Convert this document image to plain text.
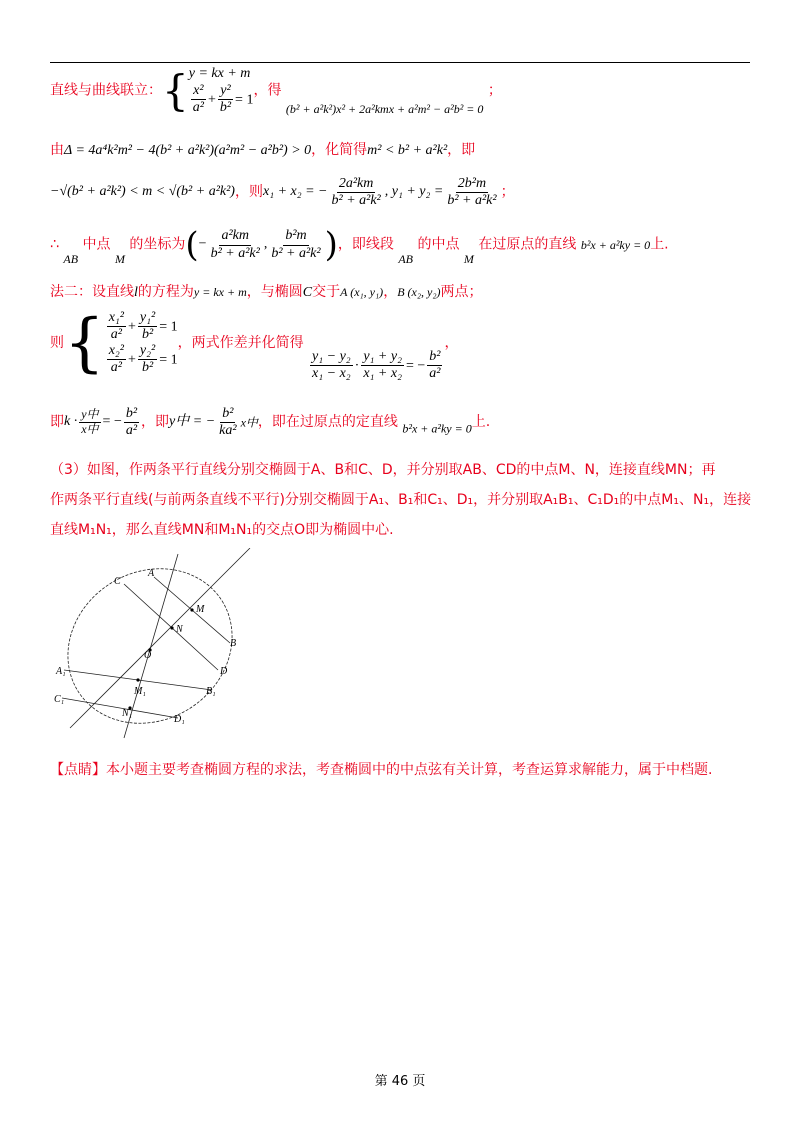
直线与曲线联立：{ y = kx + m
$\frac{\text{x²}}{\text{a²}} + \frac{\text{y²}}{\text{b²}} = 1$
，得 (b² + a²k²)x² + 2a²kmx + a²m² − a²b² = 0 ；
由Δ = 4a⁴k²m² − 4(b² + a²k²)(a²m² − a²b²) > 0，化简得m² < b² + a²k²，即
−√(b² + a²k²) < m < √(b² + a²k²)，则x₁ + x₂ = − $\frac{\text{2a²km}}{\text{b² + a²k²}}$ , $y_1 + y_2 = \frac{\text{2b²m}}{\text{b² + a²k²}}$ ；
∴ AB 中点 M 的坐标为(− $\frac{\text{a²km}}{\text{b² + a²k²}}$ , $\frac{\text{b²m}}{\text{b² + a²k²}}$ )，即线段 AB 的中点 M 在过原点的直线 b²x + a²ky = 0上.
法二：设直线l的方程为y = kx + m，与椭圆C交于A (x₁, y₁)，B (x₂, y₂)两点；
则{ $\frac{\text{x₁²}}{\text{a²}} + \frac{\text{y₁²}}{\text{b²}} = 1$
$\frac{\text{x₂²}}{\text{a²}} + \frac{\text{y₂²}}{\text{b²}} = 1$
，两式作差并化简得
$\frac{\text{y₁ − y₂}}{\text{x₁ − x₂}} \cdot \frac{\text{y₁ + y₂}}{\text{x₁ + x₂}}$ = − $\frac{\text{b²}}{\text{a²}}$
，
即$k \cdot \frac{\text{y中}}{\text{x中}}$ = − $\frac{\text{b²}}{\text{a²}}$ ，即y中 = − $\frac{\text{b²}}{\text{ka²}}$ x中，即在过原点的定直线 b²x + a²ky = 0上.
（3）如图，作两条平行直线分别交椭圆于A、B和C、D，并分别取AB、CD的中点M、N，连接直线MN；再
作两条平行直线(与前两条直线不平行)分别交椭圆于A₁、B₁和C₁、D₁，并分别取A₁B₁、C₁D₁的中点M₁、N₁，连接
直线M₁N₁，那么直线MN和M₁N₁的交点O即为椭圆中心.
C
A
M
N
B
O
D
A₁
M₁	B₁
C₁
N₁
D₁
【点睛】本小题主要考查椭圆方程的求法，考查椭圆中的中点弦有关计算，考查运算求解能力，属于中档题.
第 46 页
